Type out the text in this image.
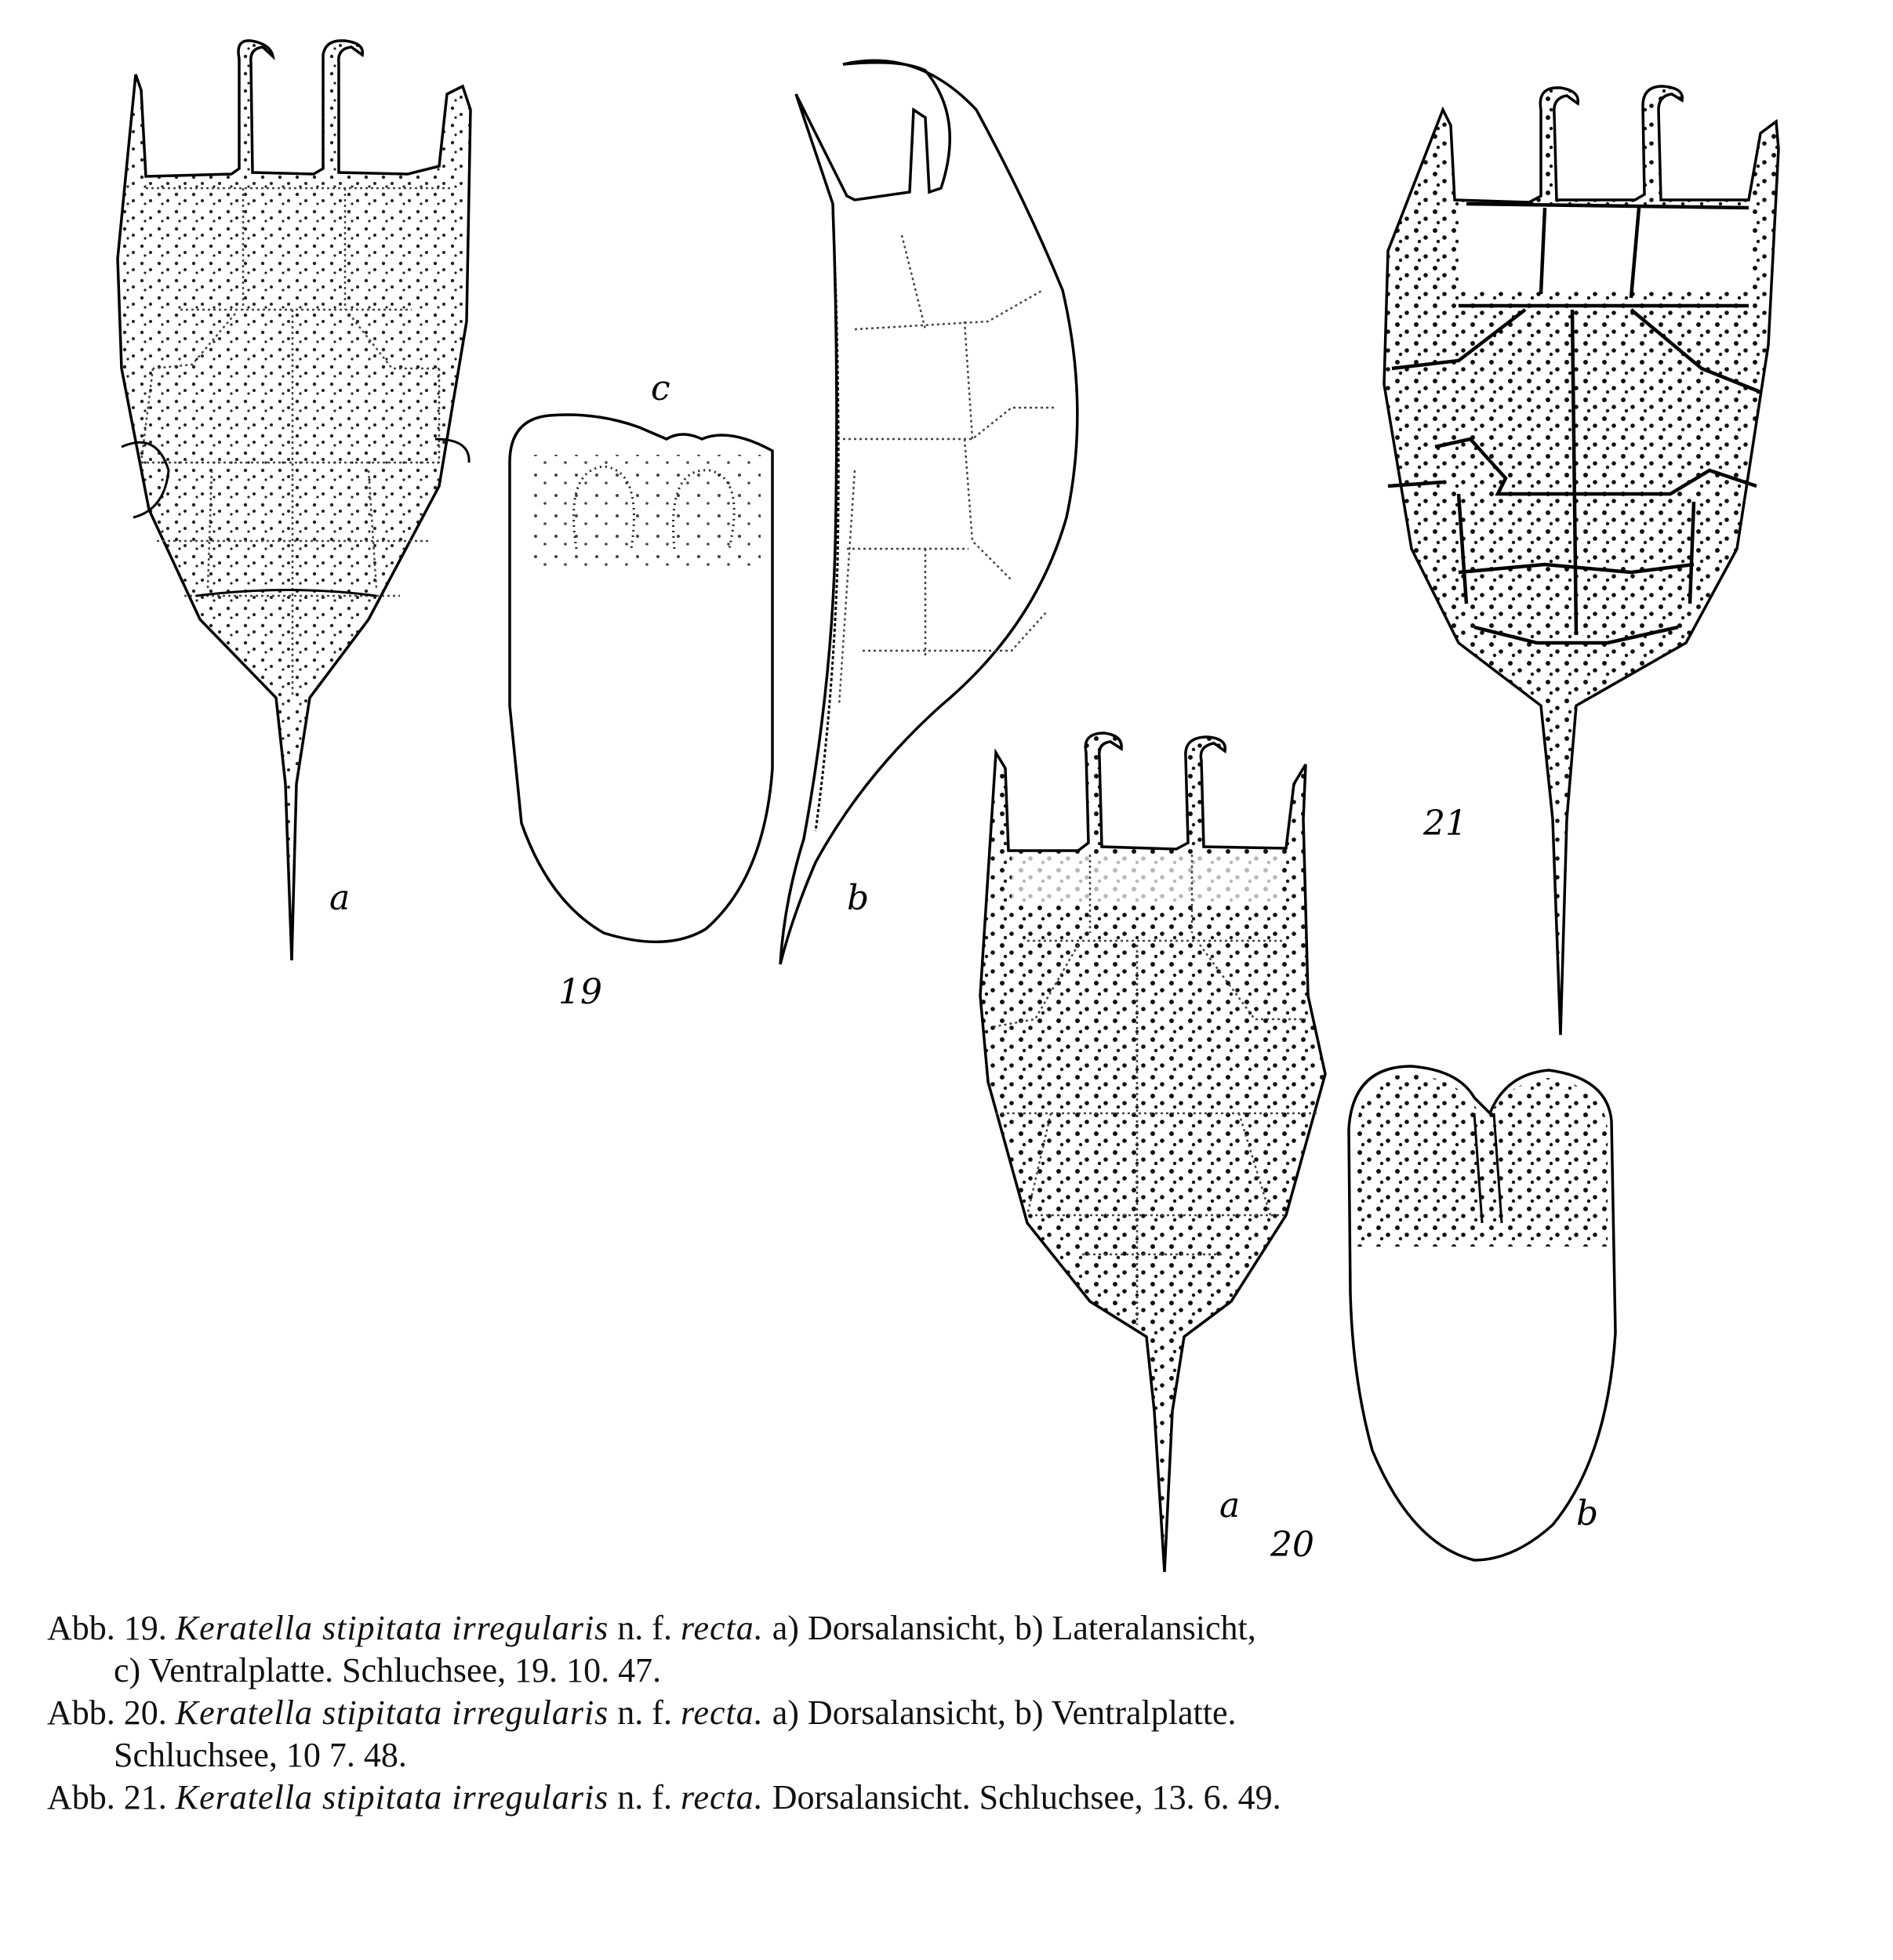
a
c
19
b
21
a
20
b

Abb. 19. Keratella stipitata irregularis n. f. recta. a) Dorsalansicht, b) Lateralansicht,
c) Ventralplatte. Schluchsee, 19. 10. 47.

Abb. 20. Keratella stipitata irregularis n. f. recta. a) Dorsalansicht, b) Ventralplatte.
Schluchsee, 10 7. 48.

Abb. 21. Keratella stipitata irregularis n. f. recta. Dorsalansicht. Schluchsee, 13. 6. 49.
